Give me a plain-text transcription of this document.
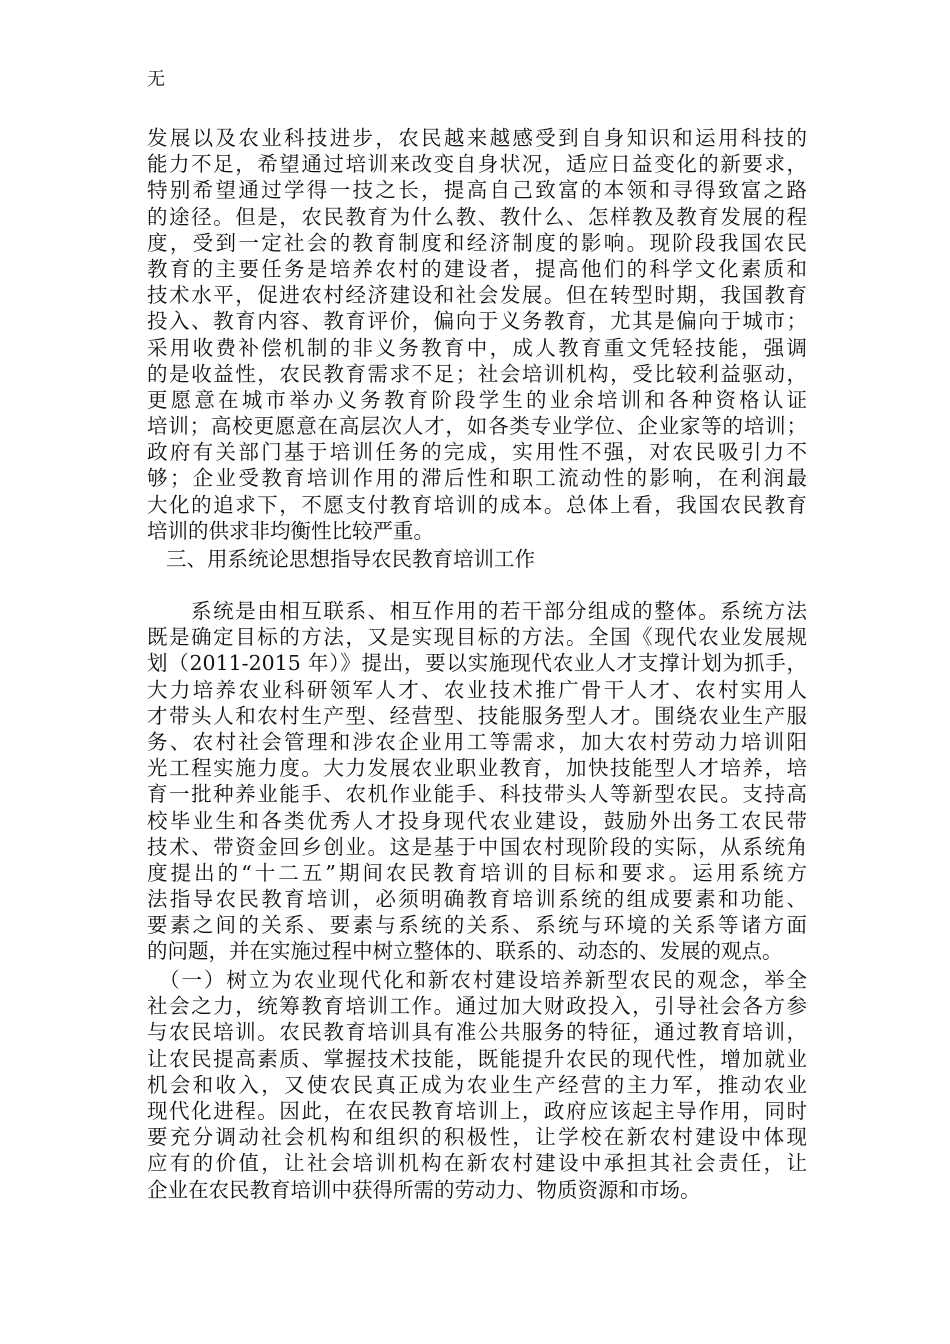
无
发展以及农业科技进步，农民越来越感受到自身知识和运用科技的
能力不足，希望通过培训来改变自身状况，适应日益变化的新要求，
特别希望通过学得一技之长，提高自己致富的本领和寻得致富之路
的途径。但是，农民教育为什么教、教什么、怎样教及教育发展的程
度，受到一定社会的教育制度和经济制度的影响。现阶段我国农民
教育的主要任务是培养农村的建设者，提高他们的科学文化素质和
技术水平，促进农村经济建设和社会发展。但在转型时期，我国教育
投入、教育内容、教育评价，偏向于义务教育，尤其是偏向于城市；
采用收费补偿机制的非义务教育中，成人教育重文凭轻技能，强调
的是收益性，农民教育需求不足；社会培训机构，受比较利益驱动，
更愿意在城市举办义务教育阶段学生的业余培训和各种资格认证
培训；高校更愿意在高层次人才，如各类专业学位、企业家等的培训；
政府有关部门基于培训任务的完成，实用性不强，对农民吸引力不
够；企业受教育培训作用的滞后性和职工流动性的影响，在利润最
大化的追求下，不愿支付教育培训的成本。总体上看，我国农民教育
培训的供求非均衡性比较严重。
三、用系统论思想指导农民教育培训工作
　　系统是由相互联系、相互作用的若干部分组成的整体。系统方法
既是确定目标的方法，又是实现目标的方法。全国《现代农业发展规
划（2011-2015 年）》提出，要以实施现代农业人才支撑计划为抓手，
大力培养农业科研领军人才、农业技术推广骨干人才、农村实用人
才带头人和农村生产型、经营型、技能服务型人才。围绕农业生产服
务、农村社会管理和涉农企业用工等需求，加大农村劳动力培训阳
光工程实施力度。大力发展农业职业教育，加快技能型人才培养，培
育一批种养业能手、农机作业能手、科技带头人等新型农民。支持高
校毕业生和各类优秀人才投身现代农业建设，鼓励外出务工农民带
技术、带资金回乡创业。这是基于中国农村现阶段的实际，从系统角
度提出的“十二五”期间农民教育培训的目标和要求。运用系统方
法指导农民教育培训，必须明确教育培训系统的组成要素和功能、
要素之间的关系、要素与系统的关系、系统与环境的关系等诸方面
的问题，并在实施过程中树立整体的、联系的、动态的、发展的观点。
　（一）树立为农业现代化和新农村建设培养新型农民的观念，举全
社会之力，统筹教育培训工作。通过加大财政投入，引导社会各方参
与农民培训。农民教育培训具有准公共服务的特征，通过教育培训，
让农民提高素质、掌握技术技能，既能提升农民的现代性，增加就业
机会和收入，又使农民真正成为农业生产经营的主力军，推动农业
现代化进程。因此，在农民教育培训上，政府应该起主导作用，同时
要充分调动社会机构和组织的积极性，让学校在新农村建设中体现
应有的价值，让社会培训机构在新农村建设中承担其社会责任，让
企业在农民教育培训中获得所需的劳动力、物质资源和市场。
